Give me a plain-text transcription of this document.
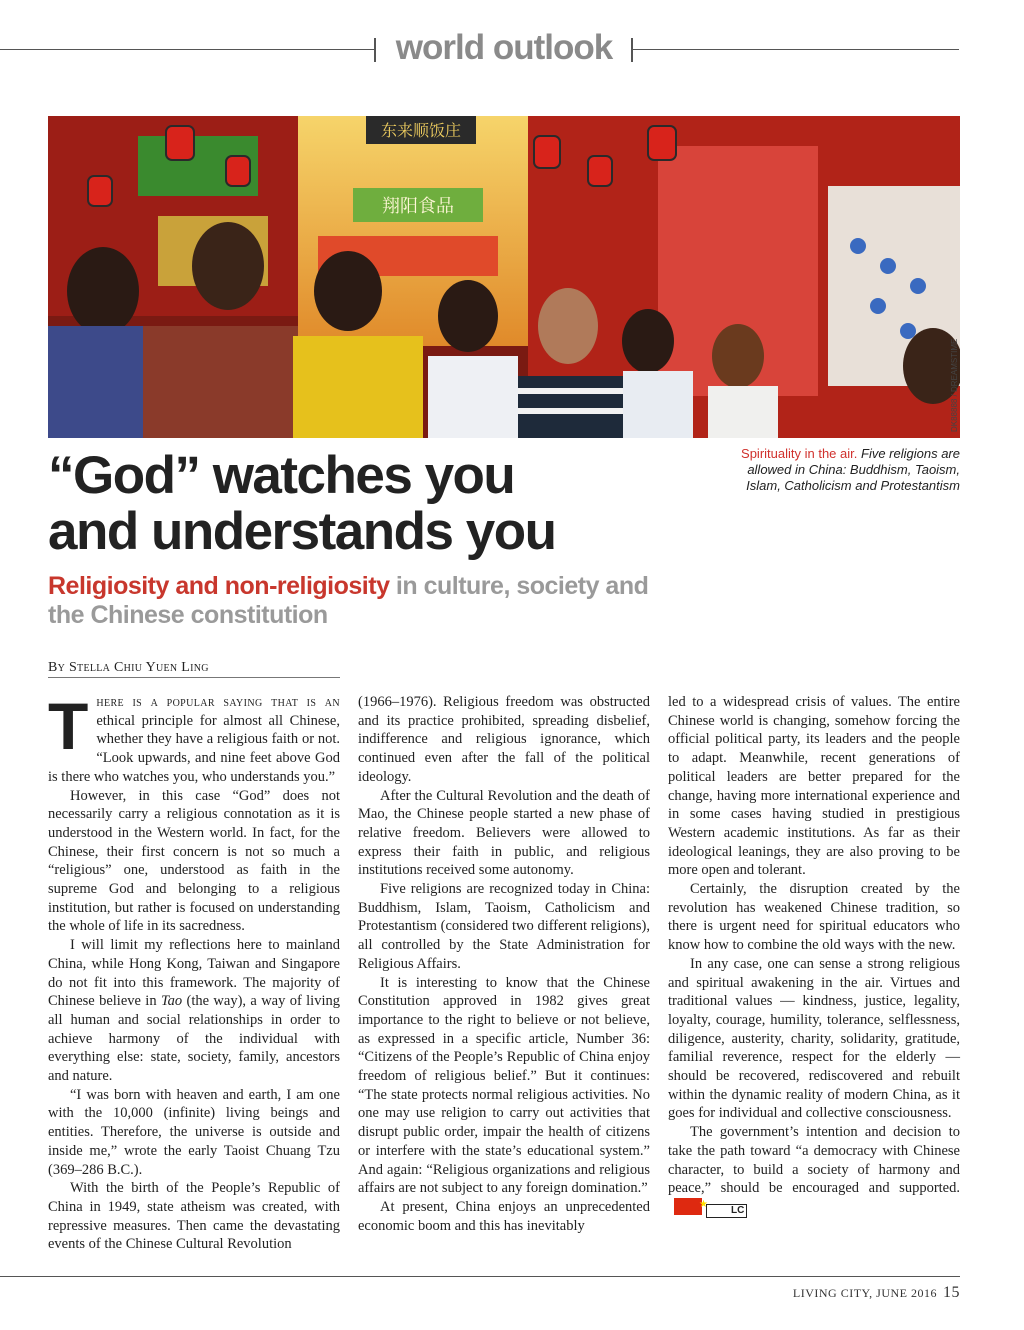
world outlook
东来顺饭庄
翔阳食品
DK88888 / DREAMSTIME
Spirituality in the air. Five religions are allowed in China: Buddhism, Taoism, Islam, Catholicism and Protestantism
“God” watches you
and understands you
Religiosity and non-religiosity in culture, society and the Chinese constitution
By Stella Chiu Yuen Ling

There is a popular saying that is an ethical principle for almost all Chinese, whether they have a religious faith or not. “Look upwards, and nine feet above God is there who watches you, who understands you.”

However, in this case “God” does not necessarily carry a religious connotation as it is understood in the Western world. In fact, for the Chinese, their first concern is not so much a “religious” one, understood as faith in the supreme God and belonging to a religious institution, but rather is focused on understanding the whole of life in its sacredness.

I will limit my reflections here to mainland China, while Hong Kong, Taiwan and Singapore do not fit into this framework. The majority of Chinese believe in Tao (the way), a way of living all human and social relationships in order to achieve harmony of the individual with everything else: state, society, family, ancestors and nature.

“I was born with heaven and earth, I am one with the 10,000 (infinite) living beings and entities. Therefore, the universe is outside and inside me,” wrote the early Taoist Chuang Tzu (369–286 B.C.).

With the birth of the People’s Republic of China in 1949, state atheism was created, with repressive measures. Then came the devastating events of the Chinese Cultural Revolution

(1966–1976). Religious freedom was obstructed and its practice prohibited, spreading disbelief, indifference and religious ignorance, which continued even after the fall of the political ideology.

After the Cultural Revolution and the death of Mao, the Chinese people started a new phase of relative freedom. Believers were allowed to express their faith in public, and religious institutions received some autonomy.

Five religions are recognized today in China: Buddhism, Islam, Taoism, Catholicism and Protestantism (considered two different religions), all controlled by the State Administration for Religious Affairs.

It is interesting to know that the Chinese Constitution approved in 1982 gives great importance to the right to believe or not believe, as expressed in a specific article, Number 36: “Citizens of the People’s Republic of China enjoy freedom of religious belief.” But it continues: “The state protects normal religious activities. No one may use religion to carry out activities that disrupt public order, impair the health of citizens or interfere with the state’s educational system.” And again: “Religious organizations and religious affairs are not subject to any foreign domination.”

At present, China enjoys an unprecedented economic boom and this has inevitably

led to a widespread crisis of values. The entire Chinese world is changing, somehow forcing the official political party, its leaders and the people to adapt. Meanwhile, recent generations of political leaders are better prepared for the change, having more international experience and in some cases having studied in prestigious Western academic institutions. As far as their ideological leanings, they are also proving to be more open and tolerant.

Certainly, the disruption created by the revolution has weakened Chinese tradition, so there is urgent need for spiritual educators who know how to combine the old ways with the new.

In any case, one can sense a strong religious and spiritual awakening in the air. Virtues and traditional values — kindness, justice, legality, loyalty, courage, humility, tolerance, selflessness, diligence, austerity, charity, solidarity, gratitude, familial reverence, respect for the elderly — should be recovered, rediscovered and rebuilt within the dynamic reality of modern China, as it goes for individual and collective consciousness.

The government’s intention and decision to take the path toward “a democracy with Chinese character, to build a society of harmony and peace,” should be encouraged and supported.★LC

LIVING CITY, JUNE 2016 15
